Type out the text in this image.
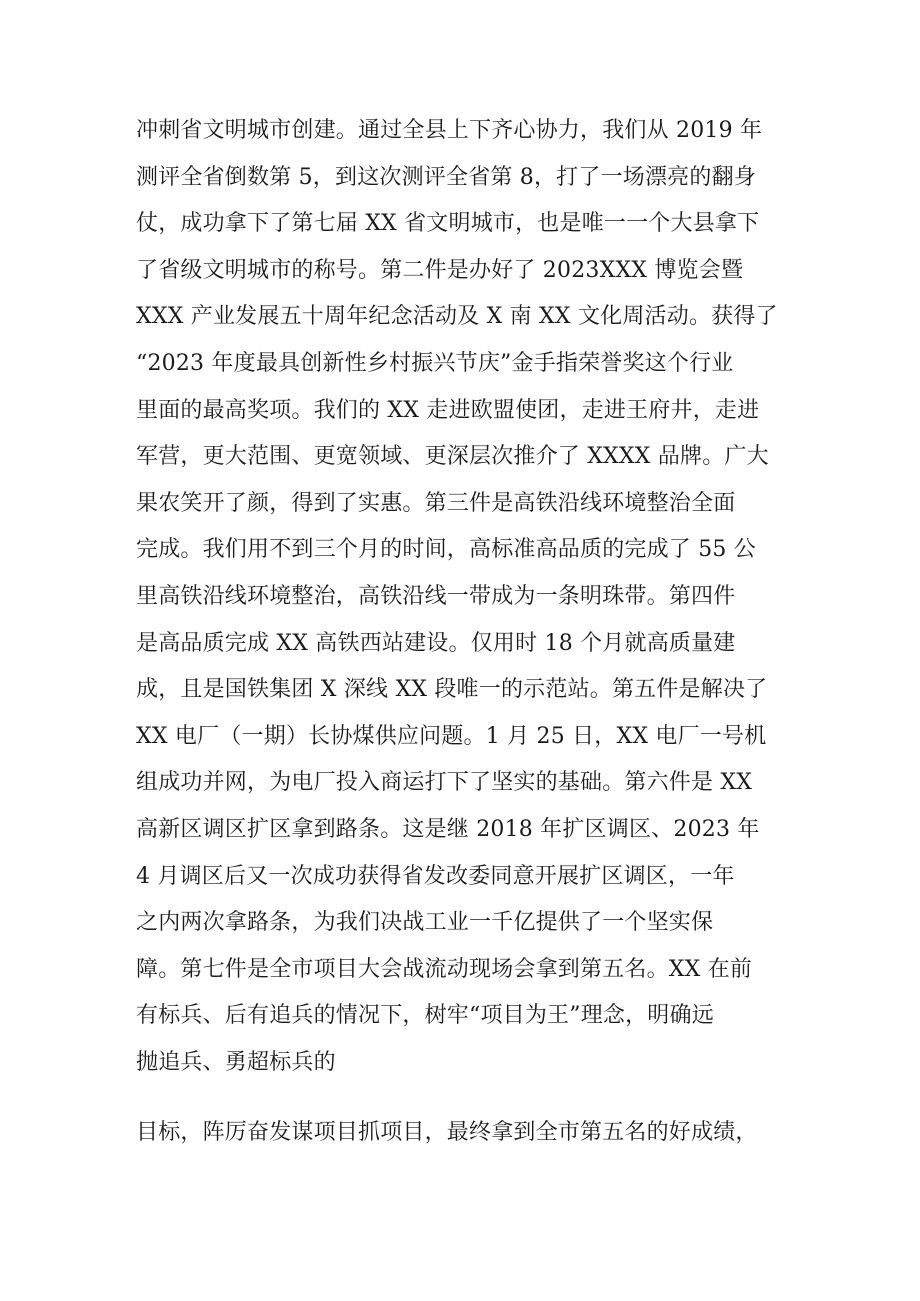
冲刺省文明城市创建。通过全县上下齐心协力，我们从 2019 年
测评全省倒数第 5，到这次测评全省第 8，打了一场漂亮的翻身
仗，成功拿下了第七届 XX 省文明城市，也是唯一一个大县拿下
了省级文明城市的称号。第二件是办好了 2023XXX 博览会暨
XXX 产业发展五十周年纪念活动及 X 南 XX 文化周活动。获得了
“2023 年度最具创新性乡村振兴节庆”金手指荣誉奖这个行业
里面的最高奖项。我们的 XX 走进欧盟使团，走进王府井，走进
军营，更大范围、更宽领域、更深层次推介了 XXXX 品牌。广大
果农笑开了颜，得到了实惠。第三件是高铁沿线环境整治全面
完成。我们用不到三个月的时间，高标准高品质的完成了 55 公
里高铁沿线环境整治，高铁沿线一带成为一条明珠带。第四件
是高品质完成 XX 高铁西站建设。仅用时 18 个月就高质量建
成，且是国铁集团 X 深线 XX 段唯一的示范站。第五件是解决了
XX 电厂（一期）长协煤供应问题。1 月 25 日，XX 电厂一号机
组成功并网，为电厂投入商运打下了坚实的基础。第六件是 XX
高新区调区扩区拿到路条。这是继 2018 年扩区调区、2023 年
4 月调区后又一次成功获得省发改委同意开展扩区调区，一年
之内两次拿路条，为我们决战工业一千亿提供了一个坚实保
障。第七件是全市项目大会战流动现场会拿到第五名。XX 在前
有标兵、后有追兵的情况下，树牢“项目为王”理念，明确远
抛追兵、勇超标兵的
目标，阵厉奋发谋项目抓项目，最终拿到全市第五名的好成绩，
